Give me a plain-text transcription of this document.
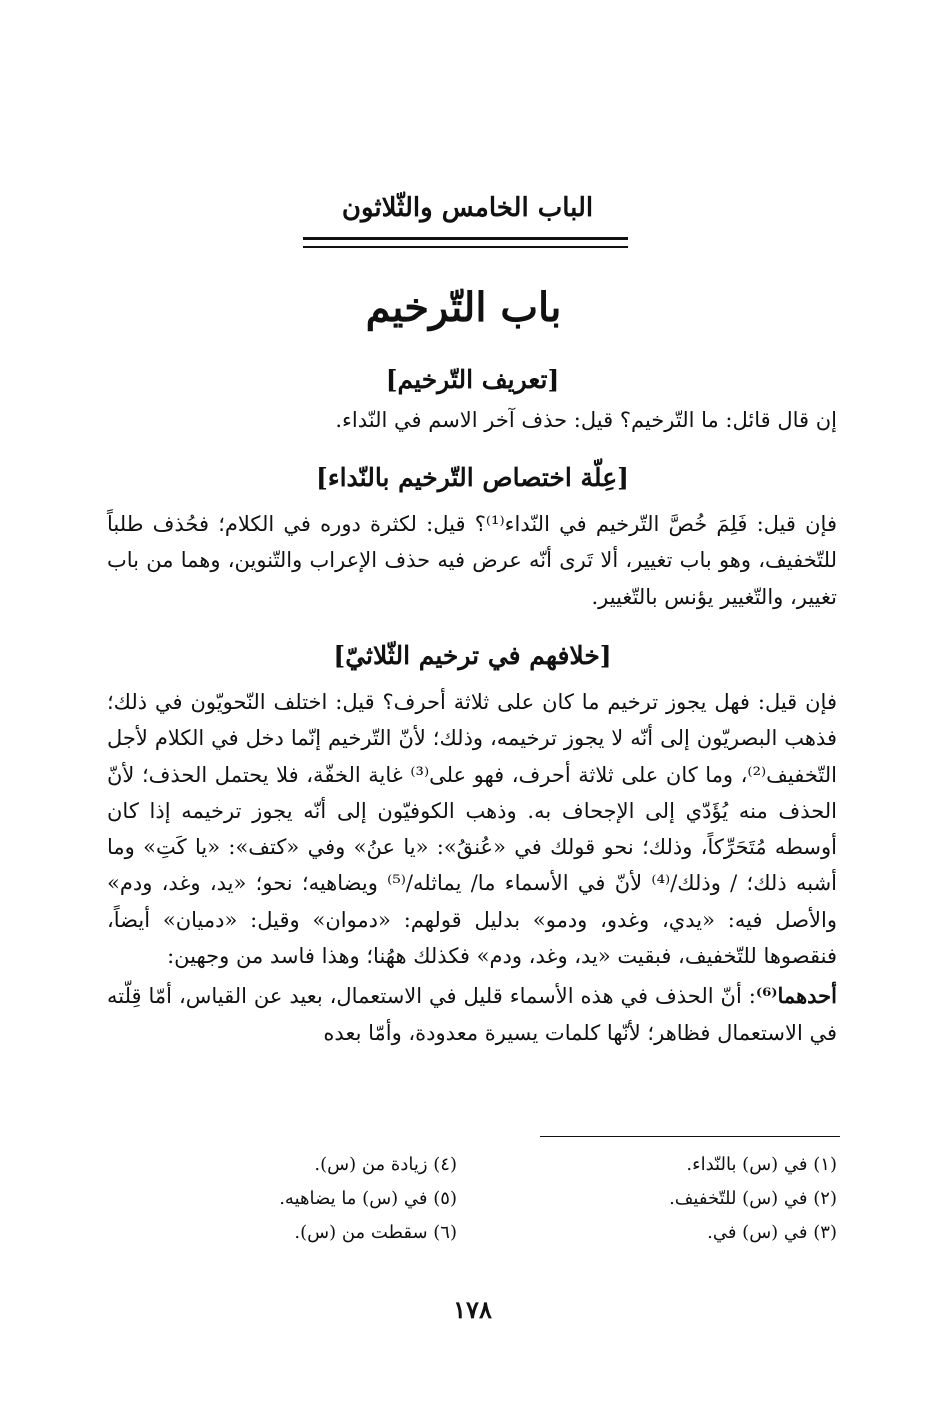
الباب الخامس والثّلاثون
باب التّرخيم
[تعريف التّرخيم]

إن قال قائل: ما التّرخيم؟ قيل: حذف آخر الاسم في النّداء.

[عِلّة اختصاص التّرخيم بالنّداء]

فإن قيل: فَلِمَ خُصَّ التّرخيم في النّداء⁽¹⁾؟ قيل: لكثرة دوره في الكلام؛ فحُذف طلباً للتّخفيف، وهو باب تغيير، ألا تَرى أنّه عرض فيه حذف الإعراب والتّنوين، وهما من باب تغيير، والتّغيير يؤنس بالتّغيير.

[خلافهم في ترخيم الثّلاثيّ]

فإن قيل: فهل يجوز ترخيم ما كان على ثلاثة أحرف؟ قيل: اختلف النّحويّون في ذلك؛ فذهب البصريّون إلى أنّه لا يجوز ترخيمه، وذلك؛ لأنّ التّرخيم إنّما دخل في الكلام لأجل التّخفيف⁽²⁾، وما كان على ثلاثة أحرف، فهو على⁽³⁾ غاية الخفّة، فلا يحتمل الحذف؛ لأنّ الحذف منه يُؤَدّي إلى الإجحاف به. وذهب الكوفيّون إلى أنّه يجوز ترخيمه إذا كان أوسطه مُتَحَرِّكاً، وذلك؛ نحو قولك في «عُنقُ»: «يا عنُ» وفي «كتف»: «يا كَتِ» وما أشبه ذلك؛ / وذلك/⁽⁴⁾ لأنّ في الأسماء ما/ يماثله/⁽⁵⁾ ويضاهيه؛ نحو؛ «يد، وغد، ودم» والأصل فيه: «يدي، وغدو، ودمو» بدليل قولهم: «دموان» وقيل: «دميان» أيضاً، فنقصوها للتّخفيف، فبقيت «يد، وغد، ودم» فكذلك ههُنا؛ وهذا فاسد من وجهين:

أحدهما⁽⁶⁾: أنّ الحذف في هذه الأسماء قليل في الاستعمال، بعيد عن القياس، أمّا قِلّته في الاستعمال فظاهر؛ لأنّها كلمات يسيرة معدودة، وأمّا بعده

(١) في (س) بالنّداء.
(٢) في (س) للتّخفيف.
(٣) في (س) في.
(٤) زيادة من (س).
(٥) في (س) ما يضاهيه.
(٦) سقطت من (س).
١٧٨
